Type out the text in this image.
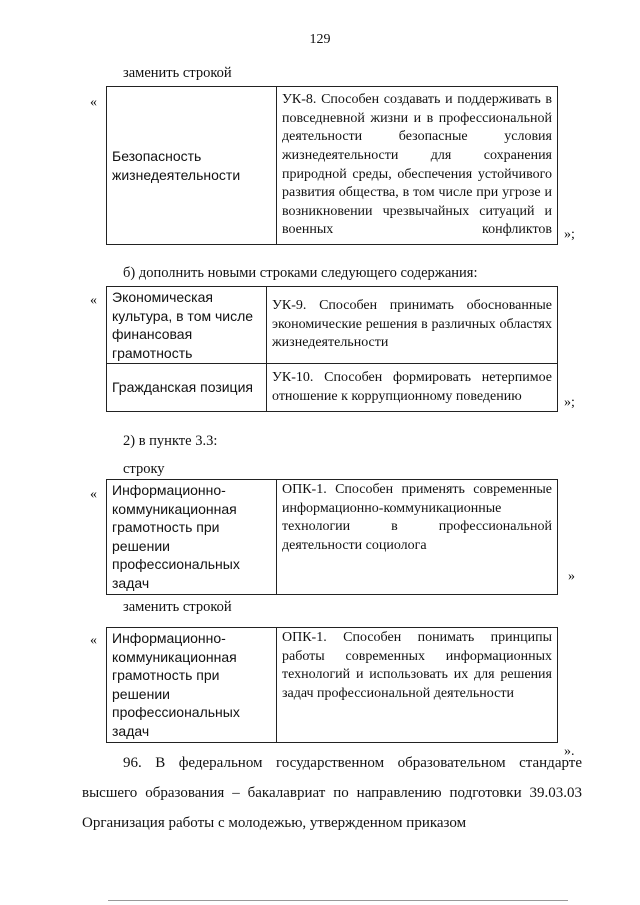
129
заменить строкой
«
Безопасность жизнедеятельности	УК-8. Способен создавать и поддерживать в повседневной жизни и в профессиональной деятельности безопасные условия жизнедеятельности для сохранения природной среды, обеспечения устойчивого развития общества, в том числе при угрозе и возникновении чрезвычайных ситуаций и военных конфликтов »;
б) дополнить новыми строками следующего содержания:
« Экономическая культура, в том числе финансовая грамотность	УК-9. Способен принимать обоснованные экономические решения в различных областях жизнедеятельности
Гражданская позиция	УК-10. Способен формировать нетерпимое отношение к коррупционному поведению	»;
2) в пункте 3.3:
строку
« Информационно-коммуникационная грамотность при решении профессиональных задач	ОПК-1. Способен применять современные информационно-коммуникационные технологии в профессиональной деятельности социолога
»
заменить строкой
« Информационно-коммуникационная грамотность при решении профессиональных задач	ОПК-1. Способен понимать принципы работы современных информационных технологий и использовать их для решения задач профессиональной деятельности
».
96. В федеральном государственном образовательном стандарте высшего образования – бакалавриат по направлению подготовки 39.03.03 Организация работы с молодежью, утвержденном приказом
